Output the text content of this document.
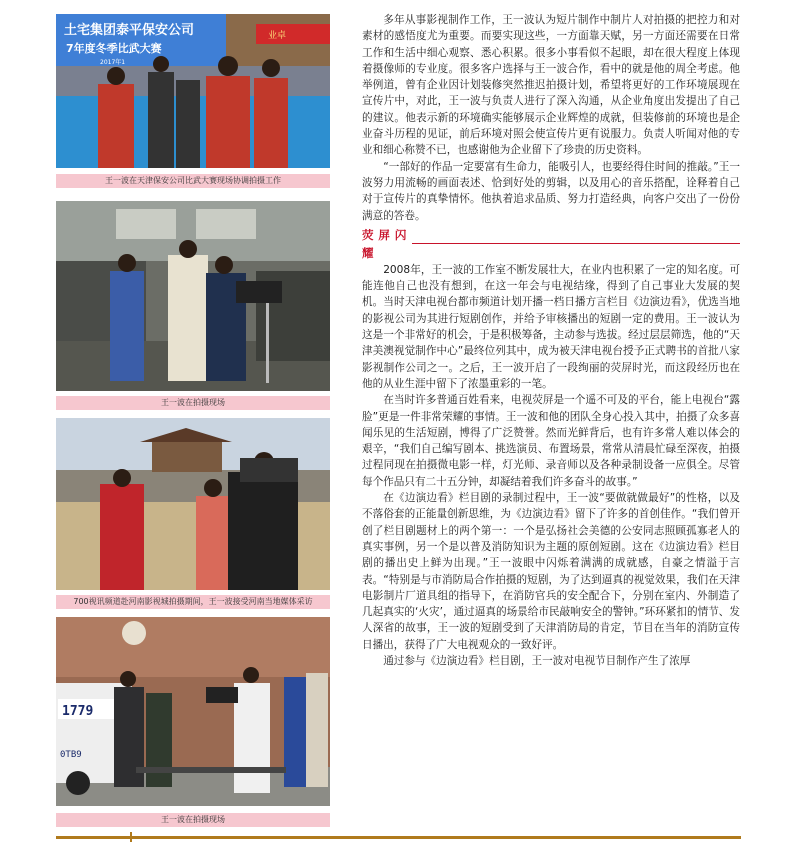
土宅集团泰平保安公司
7年度冬季比武大赛
2017年1
业卓
王一波在天津保安公司比武大赛现场协调拍摄工作
王一波在拍摄现场
700视讯频道赴河南影视城拍摄期间，王一波接受河南当地媒体采访
1779
0TB9
王一波在拍摄现场

多年从事影视制作工作，王一波认为短片制作中制片人对拍摄的把控力和对素材的感悟度尤为重要。而要实现这些，一方面靠天赋，另一方面还需要在日常工作和生活中细心观察、悉心积累。很多小事看似不起眼，却在很大程度上体现着摄像师的专业度。很多客户选择与王一波合作，看中的就是他的周全考虑。他举例道，曾有企业因计划装修突然推迟拍摄计划，希望将更好的工作环境展现在宣传片中，对此，王一波与负责人进行了深入沟通，从企业角度出发提出了自己的建议。他表示新的环境确实能够展示企业辉煌的成就，但装修前的环境也是企业奋斗历程的见证，前后环境对照会使宣传片更有说服力。负责人听闻对他的专业和细心称赞不已，也感谢他为企业留下了珍贵的历史资料。

“一部好的作品一定要富有生命力，能吸引人，也要经得住时间的推敲。”王一波努力用流畅的画面表述、恰到好处的剪辑，以及用心的音乐搭配，诠释着自己对于宣传片的真挚情怀。他执着追求品质、努力打造经典，向客户交出了一份份满意的答卷。

荧屏闪耀

2008年，王一波的工作室不断发展壮大，在业内也积累了一定的知名度。可能连他自己也没有想到，在这一年会与电视结缘，得到了自己事业大发展的契机。当时天津电视台都市频道计划开播一档日播方言栏目《边演边看》，优选当地的影视公司为其进行短剧创作，并给予审核播出的短剧一定的费用。王一波认为这是一个非常好的机会，于是积极筹备，主动参与选拔。经过层层筛选，他的“天津美澳视觉制作中心”最终位列其中，成为被天津电视台授予正式聘书的首批八家影视制作公司之一。之后，王一波开启了一段绚丽的荧屏时光，而这段经历也在他的从业生涯中留下了浓墨重彩的一笔。

在当时许多普通百姓看来，电视荧屏是一个遥不可及的平台，能上电视台“露脸”更是一件非常荣耀的事情。王一波和他的团队全身心投入其中，拍摄了众多喜闻乐见的生活短剧，博得了广泛赞誉。然而光鲜背后，也有许多常人难以体会的艰辛，“我们自己编写剧本、挑选演员、布置场景，常常从清晨忙碌至深夜，拍摄过程同现在拍摄微电影一样，灯光师、录音师以及各种录制设备一应俱全。尽管每个作品只有二十五分钟，却凝结着我们许多奋斗的故事。”

在《边演边看》栏目剧的录制过程中，王一波“要做就做最好”的性格，以及不落俗套的正能量创新思维，为《边演边看》留下了许多的首创佳作。“我们曾开创了栏目剧题材上的两个第一：一个是弘扬社会美德的公安同志照顾孤寡老人的真实事例，另一个是以普及消防知识为主题的原创短剧。这在《边演边看》栏目剧的播出史上鲜为出现。”王一波眼中闪烁着满满的成就感，自豪之情溢于言表。“特别是与市消防局合作拍摄的短剧，为了达到逼真的视觉效果，我们在天津电影制片厂道具组的指导下，在消防官兵的安全配合下，分别在室内、外制造了几起真实的‘火灾’，通过逼真的场景给市民敲响安全的警钟。”环环紧扣的情节、发人深省的故事，王一波的短剧受到了天津消防局的肯定，节目在当年的消防宣传日播出，获得了广大电视观众的一致好评。

通过参与《边演边看》栏目剧，王一波对电视节目制作产生了浓厚
